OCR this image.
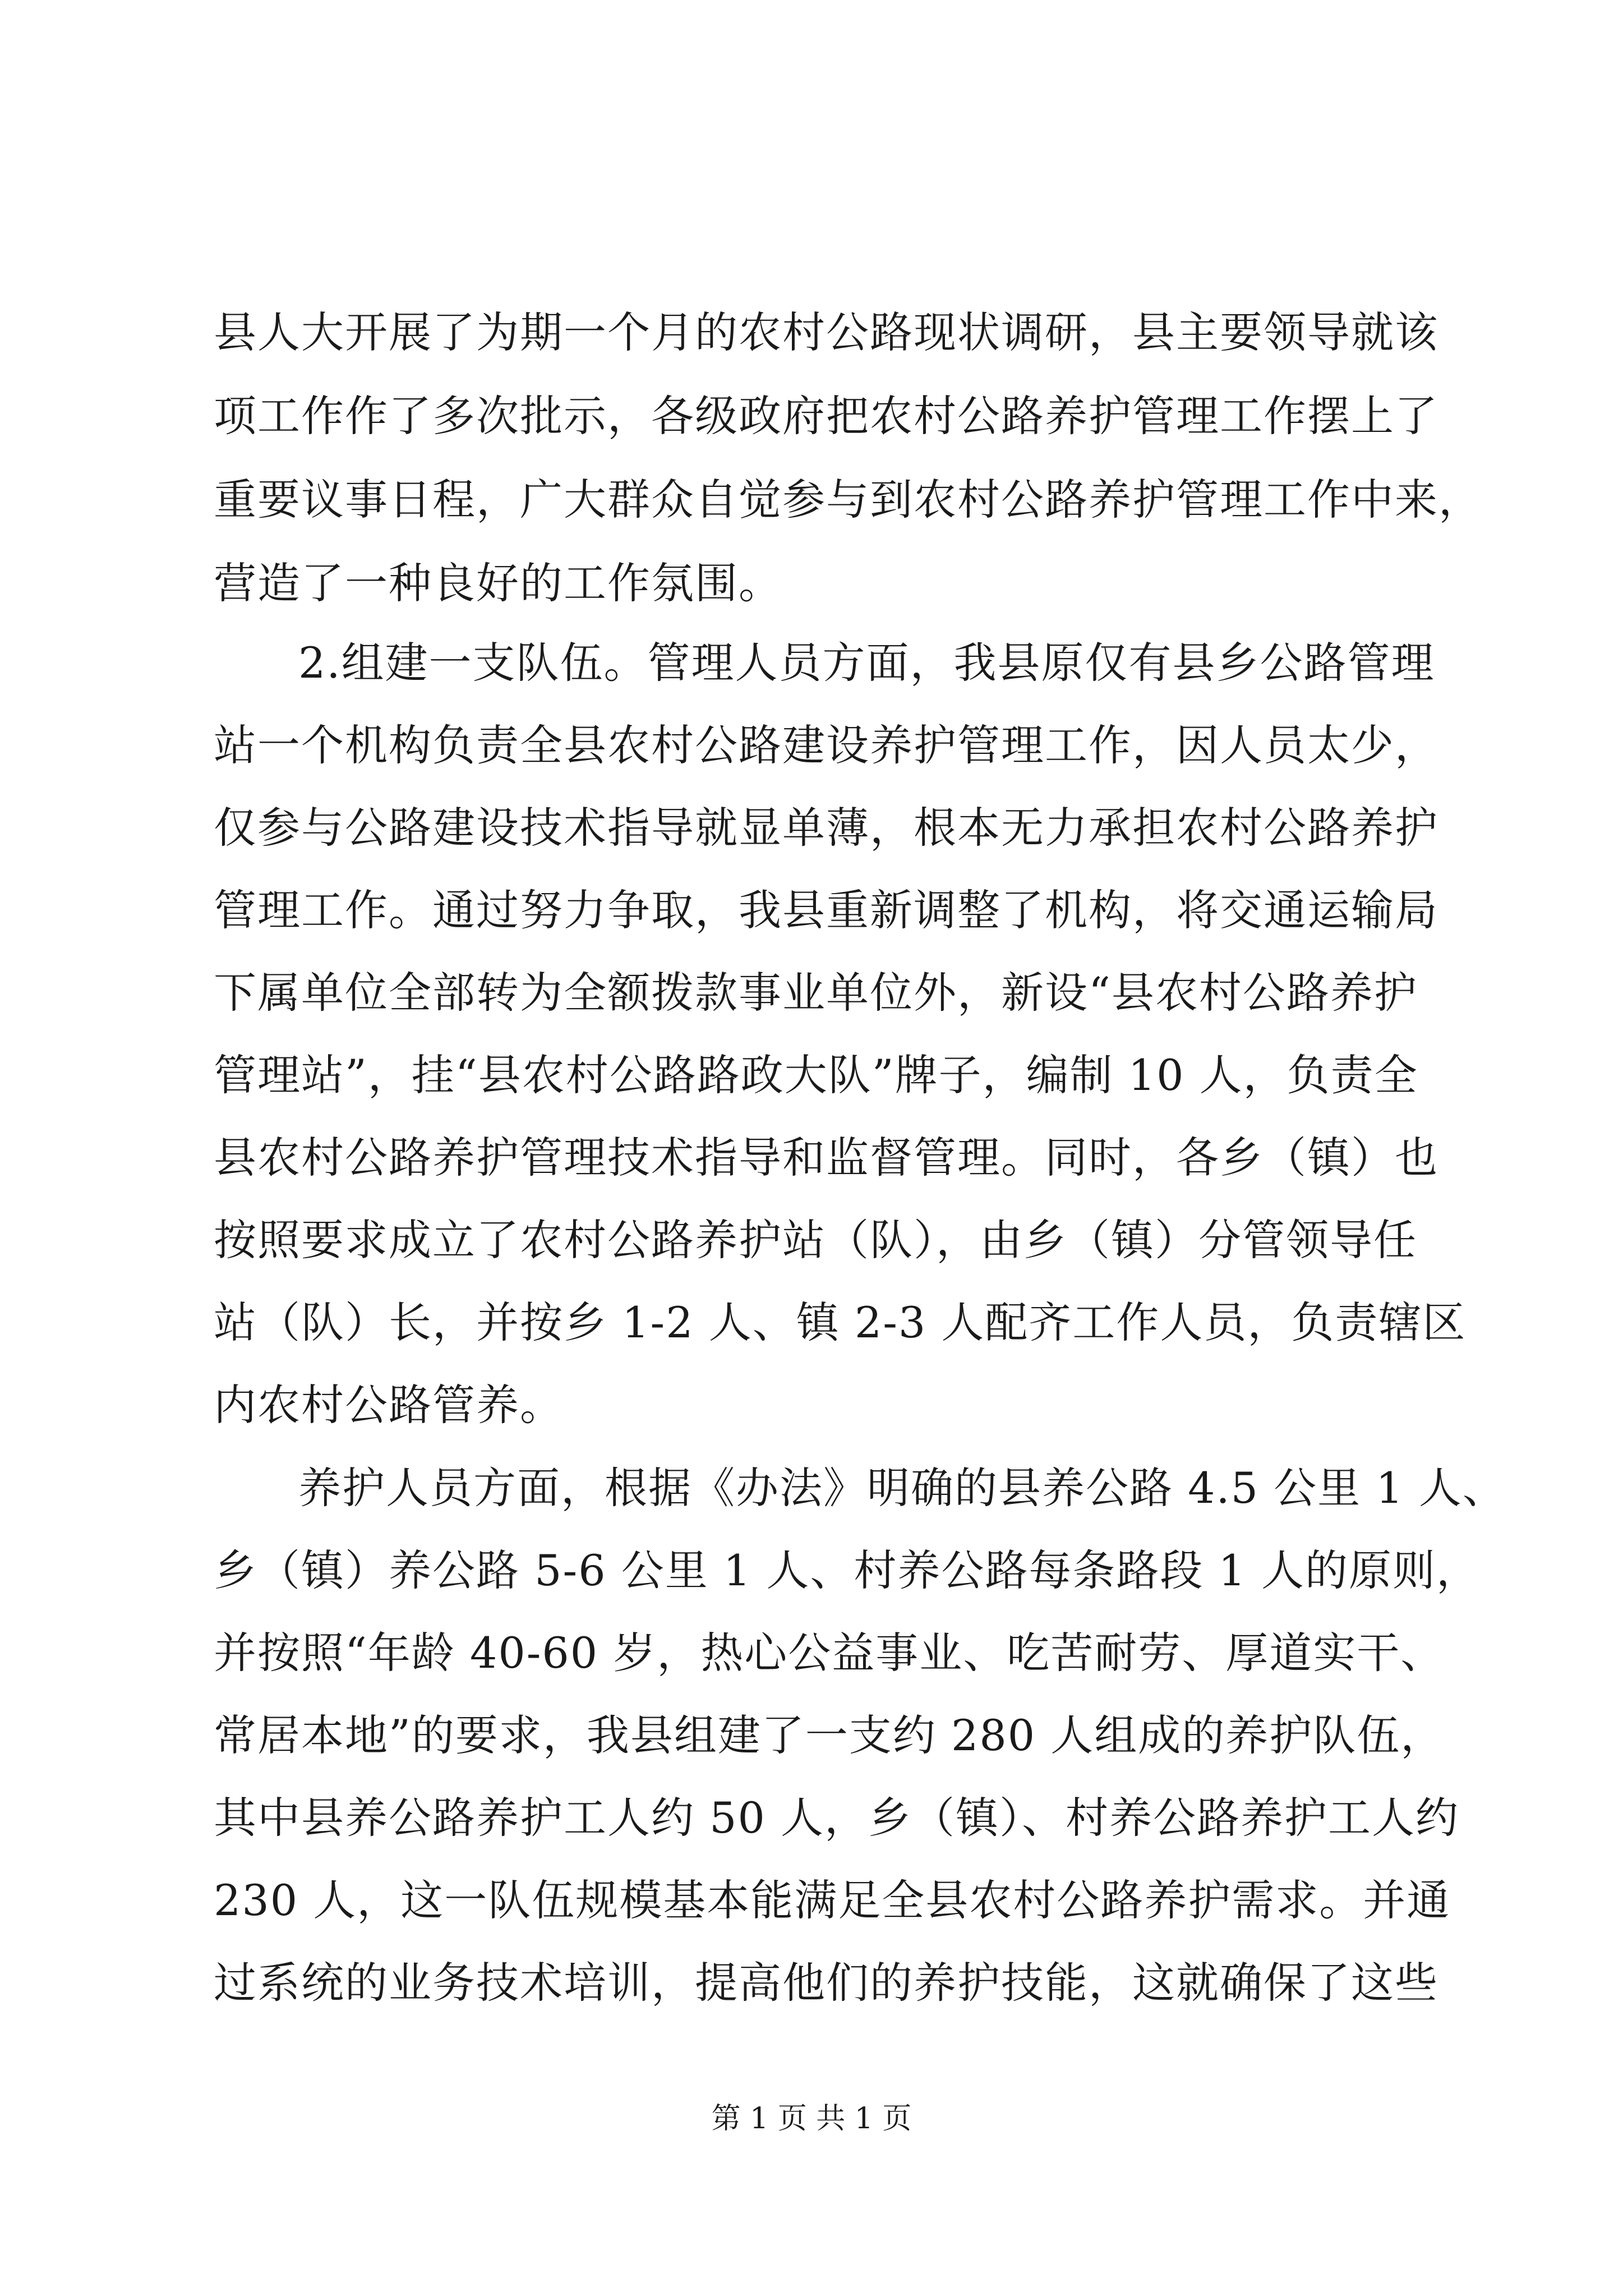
县人大开展了为期一个月的农村公路现状调研，县主要领导就该
项工作作了多次批示，各级政府把农村公路养护管理工作摆上了
重要议事日程，广大群众自觉参与到农村公路养护管理工作中来，
营造了一种良好的工作氛围。
2.组建一支队伍。管理人员方面，我县原仅有县乡公路管理
站一个机构负责全县农村公路建设养护管理工作，因人员太少，
仅参与公路建设技术指导就显单薄，根本无力承担农村公路养护
管理工作。通过努力争取，我县重新调整了机构，将交通运输局
下属单位全部转为全额拨款事业单位外，新设“县农村公路养护
管理站”，挂“县农村公路路政大队”牌子，编制 10 人，负责全
县农村公路养护管理技术指导和监督管理。同时，各乡（镇）也
按照要求成立了农村公路养护站（队），由乡（镇）分管领导任
站（队）长，并按乡 1-2 人、镇 2-3 人配齐工作人员，负责辖区
内农村公路管养。
养护人员方面，根据《办法》明确的县养公路 4.5 公里 1 人、
乡（镇）养公路 5-6 公里 1 人、村养公路每条路段 1 人的原则，
并按照“年龄 40-60 岁，热心公益事业、吃苦耐劳、厚道实干、
常居本地”的要求，我县组建了一支约 280 人组成的养护队伍，
其中县养公路养护工人约 50 人，乡（镇）、村养公路养护工人约
230 人，这一队伍规模基本能满足全县农村公路养护需求。并通
过系统的业务技术培训，提高他们的养护技能，这就确保了这些
第 1 页 共 1 页
